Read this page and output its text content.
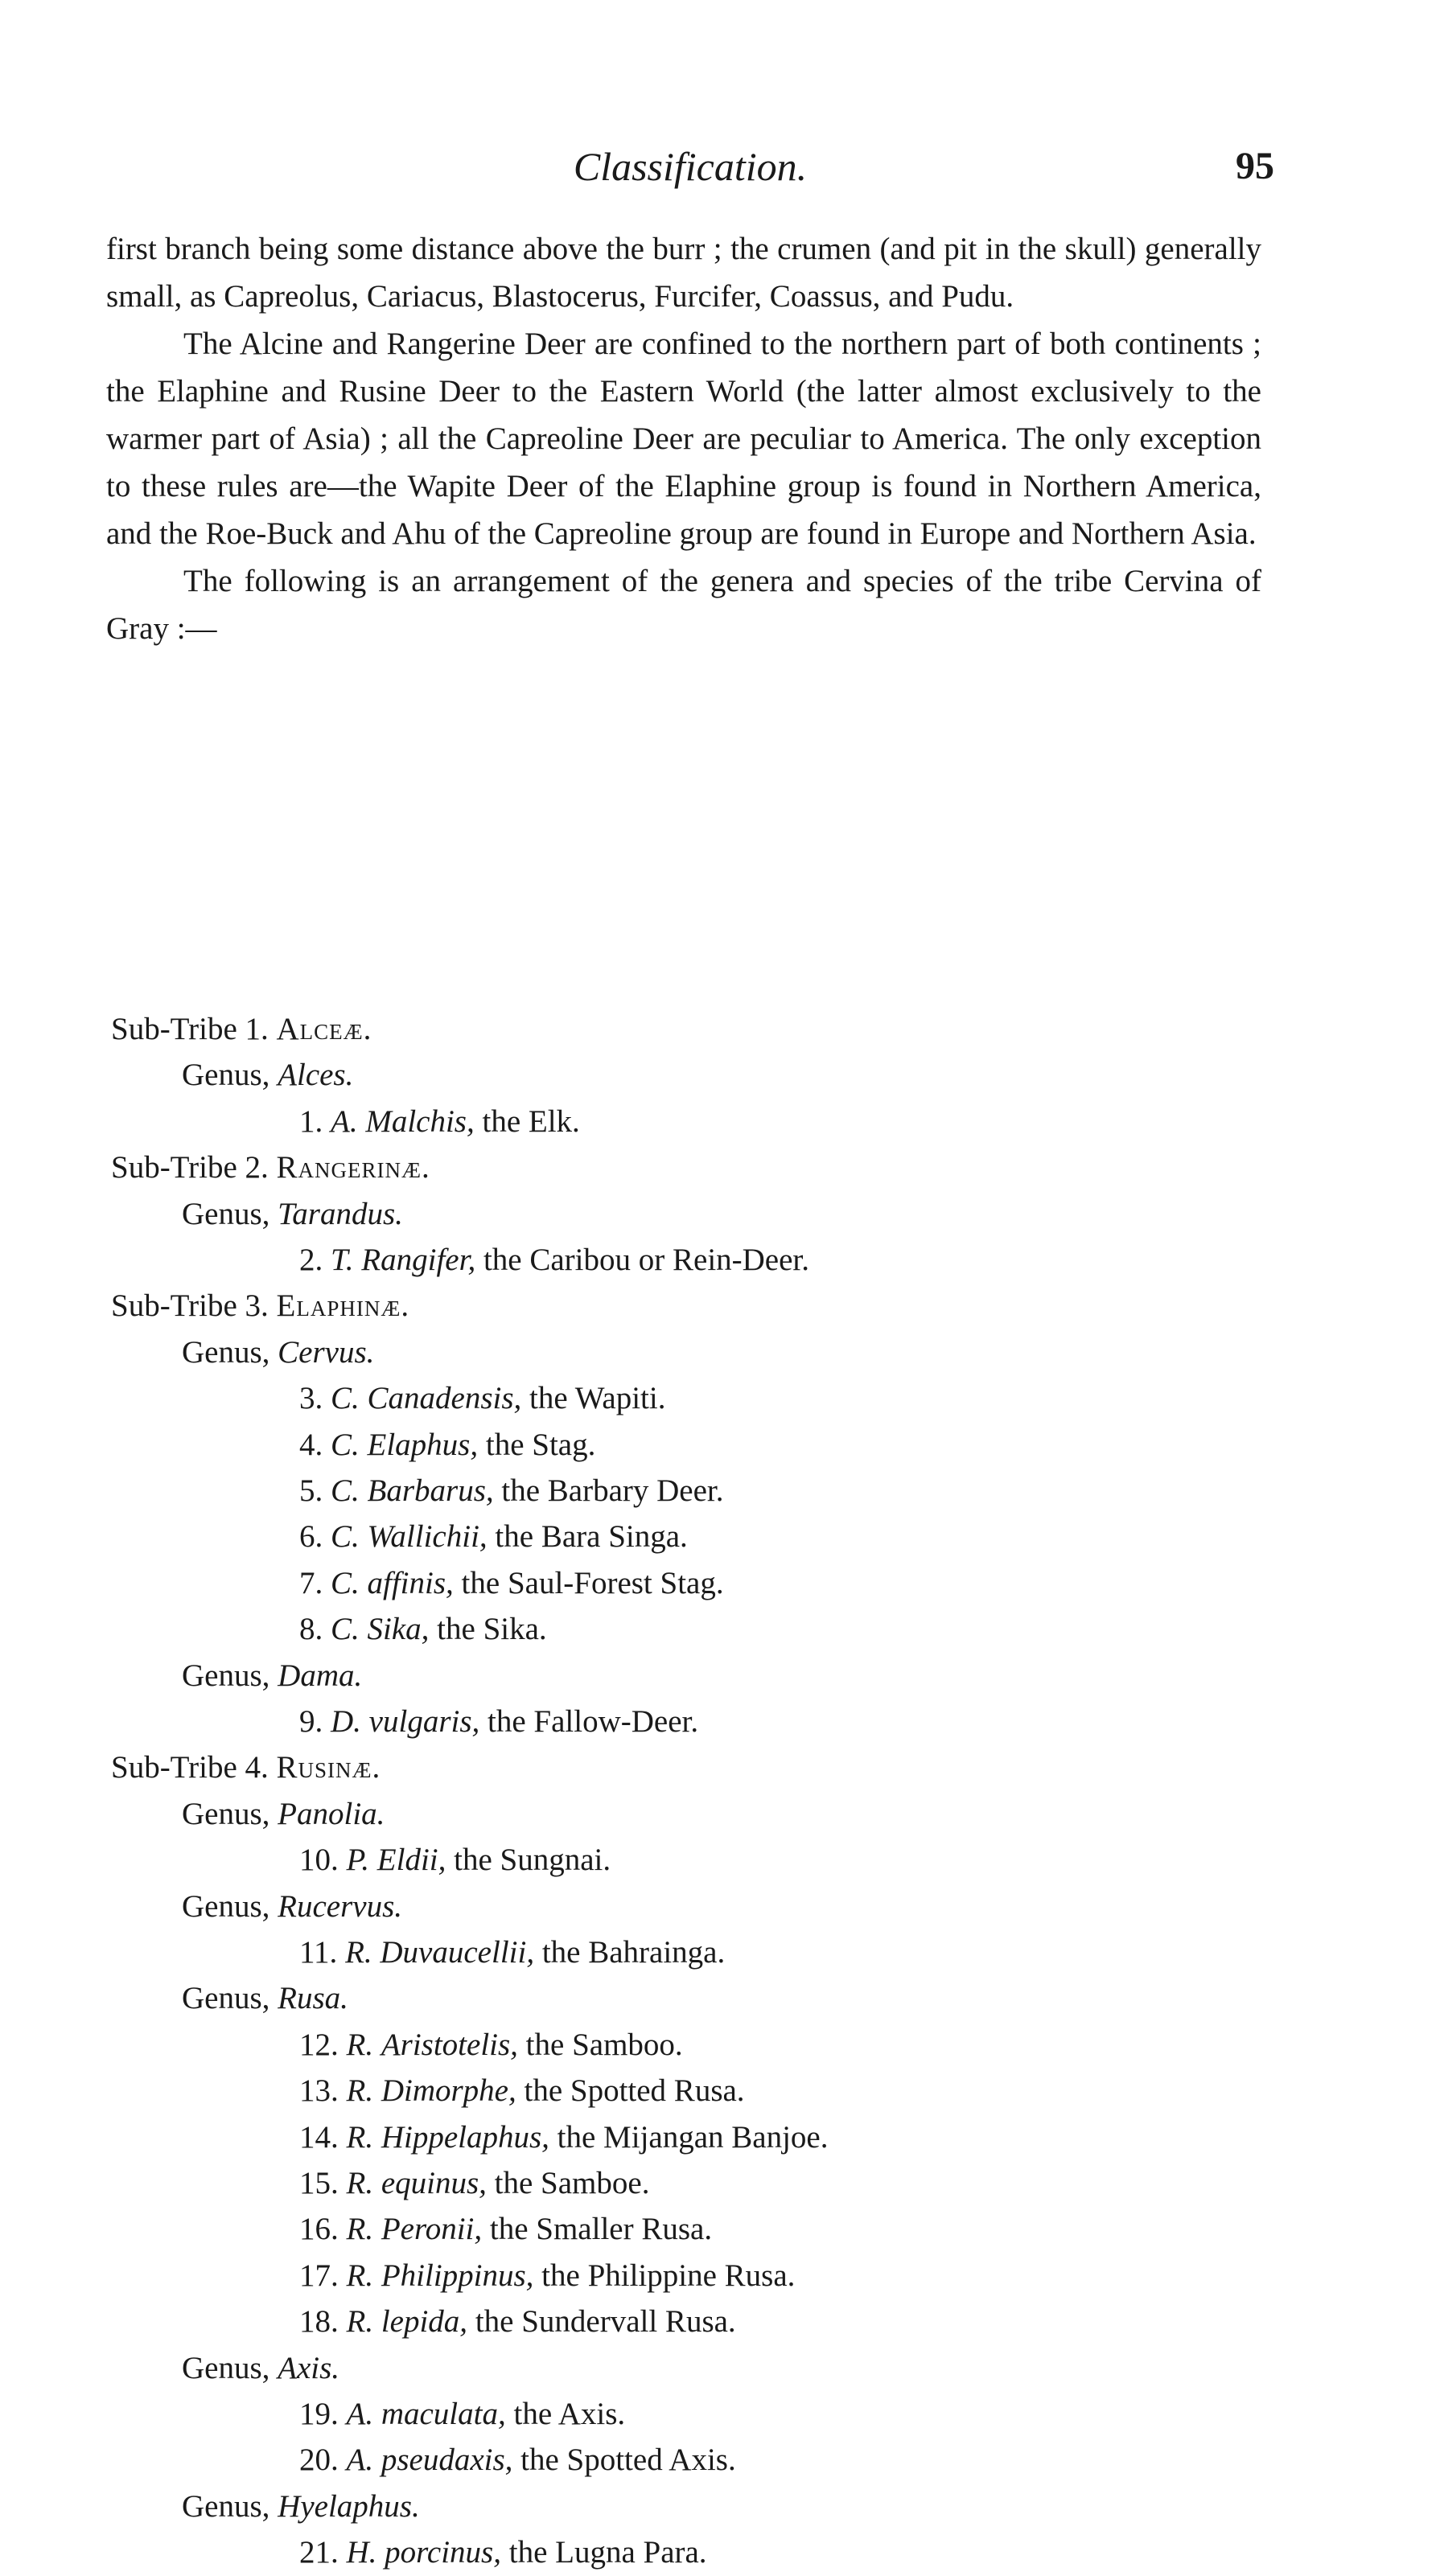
Classification.	95

first branch being some distance above the burr ; the crumen (and pit in the skull) generally small, as Capreolus, Cariacus, Blastocerus, Furcifer, Coassus, and Pudu.

The Alcine and Rangerine Deer are confined to the northern part of both continents ; the Elaphine and Rusine Deer to the Eastern World (the latter almost exclusively to the warmer part of Asia) ; all the Capreoline Deer are peculiar to America. The only exception to these rules are—the Wapite Deer of the Elaphine group is found in Northern America, and the Roe-Buck and Ahu of the Capreoline group are found in Europe and Northern Asia.

The following is an arrangement of the genera and species of the tribe Cervina of Gray :—

Sub-Tribe 1. Alceæ.
Genus, Alces.
1. A. Malchis, the Elk.
Sub-Tribe 2. Rangerinæ.
Genus, Tarandus.
2. T. Rangifer, the Caribou or Rein-Deer.
Sub-Tribe 3. Elaphinæ.
Genus, Cervus.
3. C. Canadensis, the Wapiti.
4. C. Elaphus, the Stag.
5. C. Barbarus, the Barbary Deer.
6. C. Wallichii, the Bara Singa.
7. C. affinis, the Saul-Forest Stag.
8. C. Sika, the Sika.
Genus, Dama.
9. D. vulgaris, the Fallow-Deer.
Sub-Tribe 4. Rusinæ.
Genus, Panolia.
10. P. Eldii, the Sungnai.
Genus, Rucervus.
11. R. Duvaucellii, the Bahrainga.
Genus, Rusa.
12. R. Aristotelis, the Samboo.
13. R. Dimorphe, the Spotted Rusa.
14. R. Hippelaphus, the Mijangan Banjoe.
15. R. equinus, the Samboe.
16. R. Peronii, the Smaller Rusa.
17. R. Philippinus, the Philippine Rusa.
18. R. lepida, the Sundervall Rusa.
Genus, Axis.
19. A. maculata, the Axis.
20. A. pseudaxis, the Spotted Axis.
Genus, Hyelaphus.
21. H. porcinus, the Lugna Para.
